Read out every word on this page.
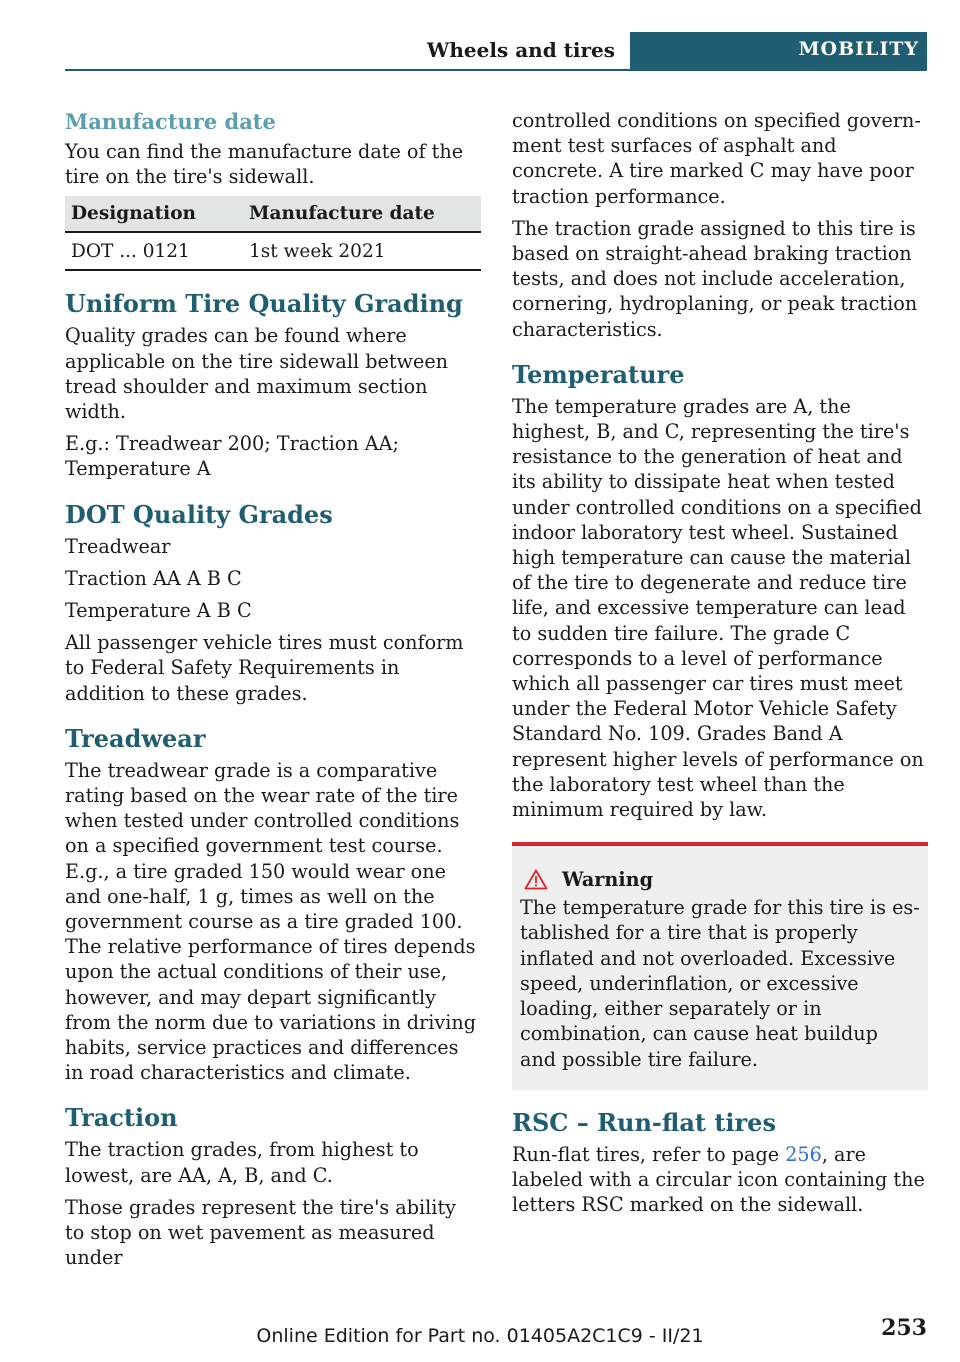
Wheels and tires	MOBILITY
Manufacture date

You can find the manufacture date of the tire on the tire's sidewall.

Designation	Manufacture date
DOT ... 0121	1st week 2021
Uniform Tire Quality Grading

Quality grades can be found where applicable on the tire sidewall between tread shoulder and maximum section width.

E.g.: Treadwear 200; Traction AA; Temperature A

DOT Quality Grades

Treadwear

Traction AA A B C

Temperature A B C

All passenger vehicle tires must conform to Federal Safety Requirements in addition to these grades.

Treadwear

The treadwear grade is a comparative rating based on the wear rate of the tire when tested under controlled conditions on a specified government test course. E.g., a tire graded 150 would wear one and one-half, 1 g, times as well on the government course as a tire graded 100. The relative performance of tires depends upon the actual conditions of their use, however, and may depart significantly from the norm due to variations in driving habits, service practices and differences in road characteristics and climate.

Traction

The traction grades, from highest to lowest, are AA, A, B, and C.

Those grades represent the tire's ability to stop on wet pavement as measured under

controlled conditions on specified government test surfaces of asphalt and concrete. A tire marked C may have poor traction performance.

The traction grade assigned to this tire is based on straight-ahead braking traction tests, and does not include acceleration, cornering, hydroplaning, or peak traction characteristics.

Temperature

The temperature grades are A, the highest, B, and C, representing the tire's resistance to the generation of heat and its ability to dissipate heat when tested under controlled conditions on a specified indoor laboratory test wheel. Sustained high temperature can cause the material of the tire to degenerate and reduce tire life, and excessive temperature can lead to sudden tire failure. The grade C corresponds to a level of performance which all passenger car tires must meet under the Federal Motor Vehicle Safety Standard No. 109. Grades Band A represent higher levels of performance on the laboratory test wheel than the minimum required by law.

Warning

The temperature grade for this tire is established for a tire that is properly inflated and not overloaded. Excessive speed, underinflation, or excessive loading, either separately or in combination, can cause heat buildup and possible tire failure.

RSC – Run-flat tires

Run-flat tires, refer to page 256, are labeled with a circular icon containing the letters RSC marked on the sidewall.

Online Edition for Part no. 01405A2C1C9 - II/21	253
